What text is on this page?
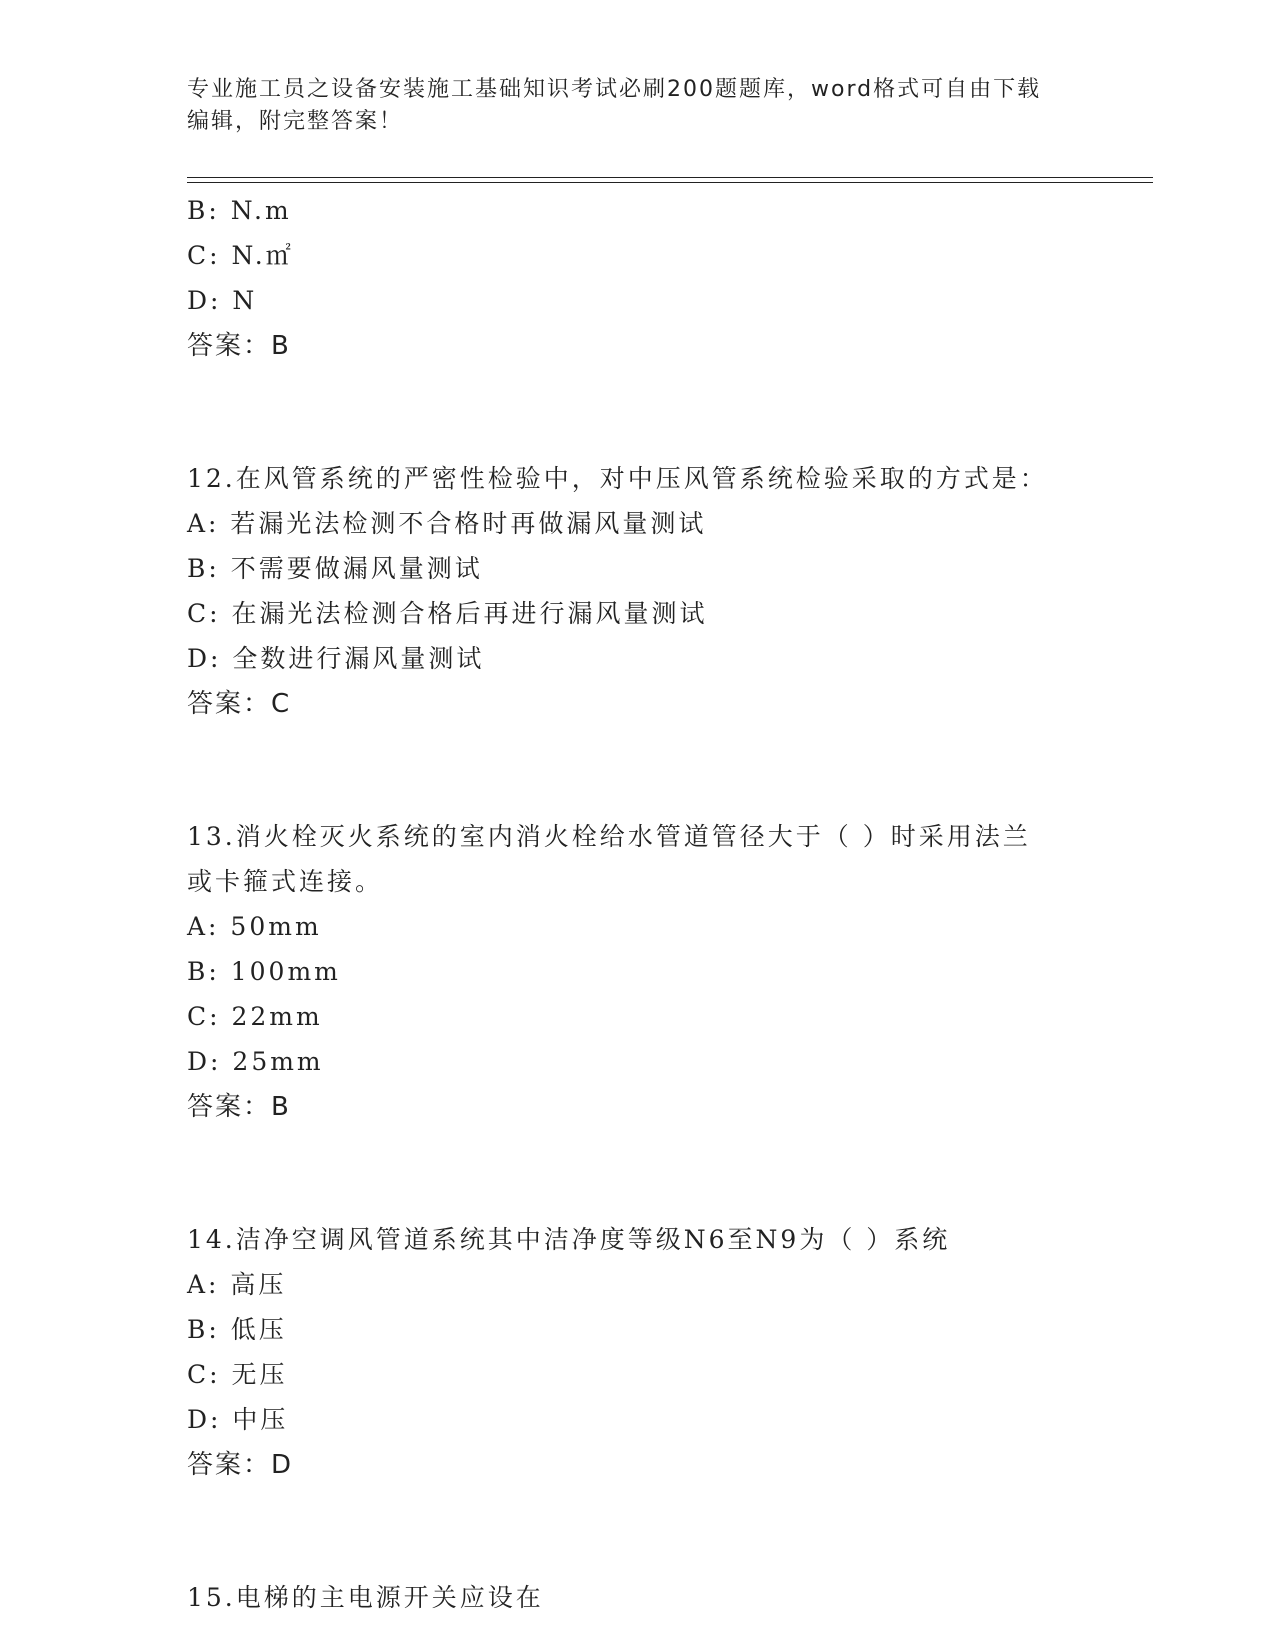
专业施工员之设备安装施工基础知识考试必刷200题题库，word格式可自由下载
编辑，附完整答案！
B: N.m
C: N.㎡
D: N
答案：B
12.在风管系统的严密性检验中，对中压风管系统检验采取的方式是：
A: 若漏光法检测不合格时再做漏风量测试
B: 不需要做漏风量测试
C: 在漏光法检测合格后再进行漏风量测试
D: 全数进行漏风量测试
答案：C
13.消火栓灭火系统的室内消火栓给水管道管径大于（ ）时采用法兰
或卡箍式连接。
A: 50mm
B: 100mm
C: 22mm
D: 25mm
答案：B
14.洁净空调风管道系统其中洁净度等级N6至N9为（ ）系统
A: 高压
B: 低压
C: 无压
D: 中压
答案：D
15.电梯的主电源开关应设在
